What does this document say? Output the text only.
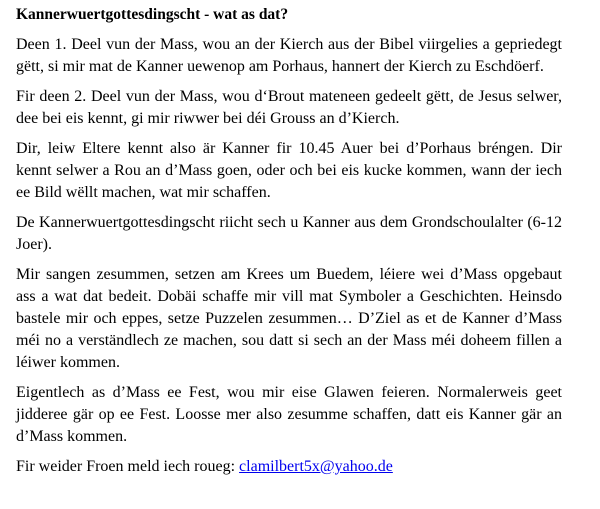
Kannerwuertgottesdingscht - wat as dat?

Deen 1. Deel vun der Mass, wou an der Kierch aus der Bibel viirgelies a gepriedegt gëtt, si mir mat de Kanner uewenop am Porhaus, hannert der Kierch zu Eschdöerf.

Fir deen 2. Deel vun der Mass, wou d‘Brout mateneen gedeelt gëtt, de Jesus selwer, dee bei eis kennt, gi mir riwwer bei déi Grouss an d’Kierch.

Dir, leiw Eltere kennt also är Kanner fir 10.45 Auer bei d’Porhaus bréngen. Dir kennt selwer a Rou an d’Mass goen, oder och bei eis kucke kommen, wann der iech ee Bild wëllt machen, wat mir schaffen.

De Kannerwuertgottesdingscht riicht sech u Kanner aus dem Grondschoulalter (6-12 Joer).

Mir sangen zesummen, setzen am Krees um Buedem, léiere wei d’Mass opgebaut ass a wat dat bedeit. Dobäi schaffe mir vill mat Symboler a Geschichten. Heinsdo bastele mir och eppes, setze Puzzelen zesummen… D’Ziel as et de Kanner d’Mass méi no a verständlech ze machen, sou datt si sech an der Mass méi doheem fillen a léiwer kommen.

Eigentlech as d’Mass ee Fest, wou mir eise Glawen feieren. Normalerweis geet jidderee gär op ee Fest. Loosse mer also zesumme schaffen, datt eis Kanner gär an d’Mass kommen.

Fir weider Froen meld iech roueg: clamilbert5x@yahoo.de
